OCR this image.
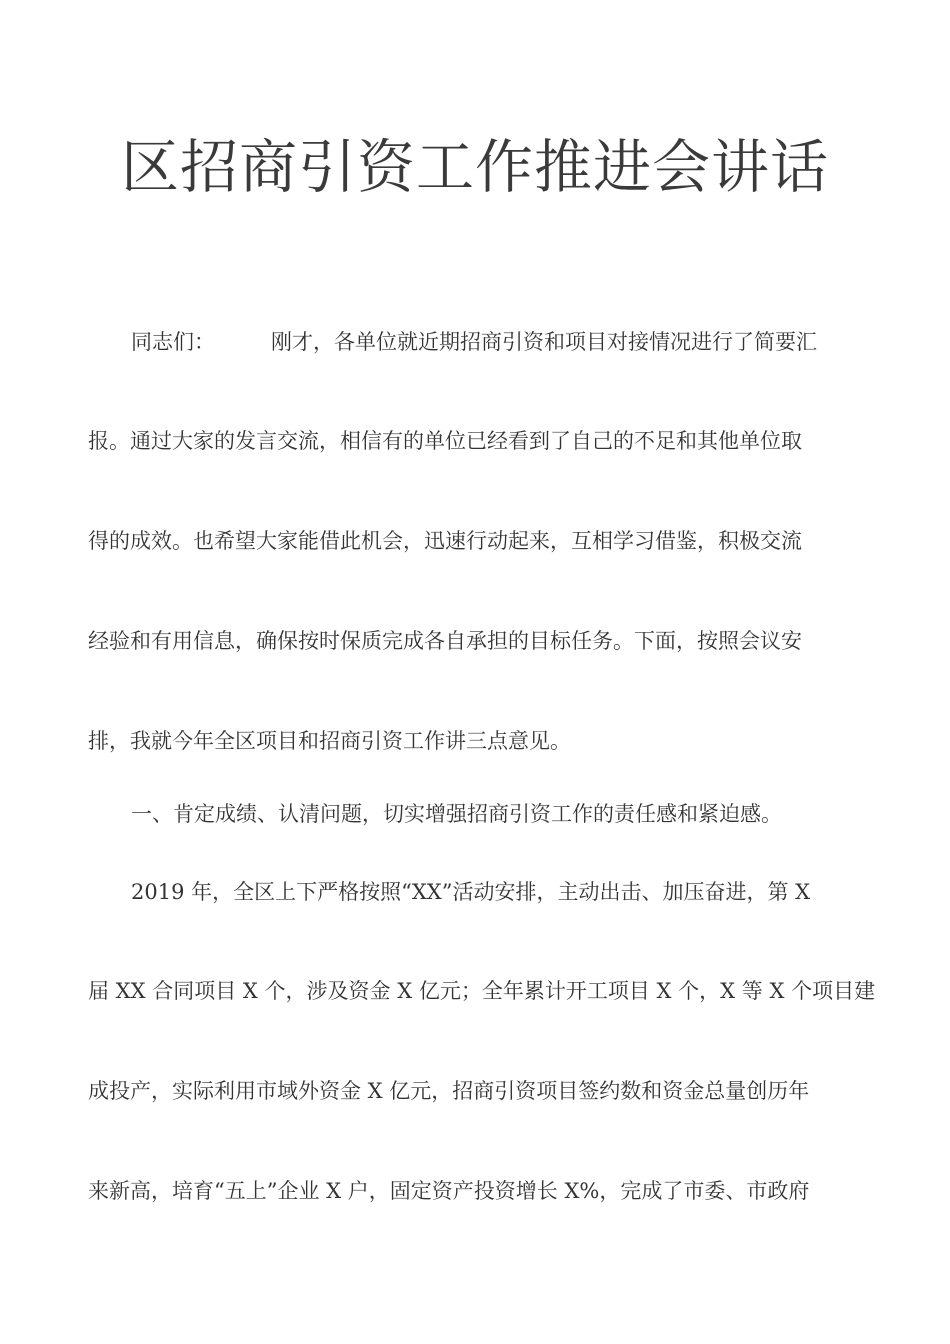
区招商引资工作推进会讲话
同志们：	刚才，各单位就近期招商引资和项目对接情况进行了简要汇
报。通过大家的发言交流，相信有的单位已经看到了自己的不足和其他单位取
得的成效。也希望大家能借此机会，迅速行动起来，互相学习借鉴，积极交流
经验和有用信息，确保按时保质完成各自承担的目标任务。下面，按照会议安
排，我就今年全区项目和招商引资工作讲三点意见。
一、肯定成绩、认清问题，切实增强招商引资工作的责任感和紧迫感。
2019 年，全区上下严格按照“XX”活动安排，主动出击、加压奋进，第 X
届 XX 合同项目 X 个，涉及资金 X 亿元；全年累计开工项目 X 个，X 等 X 个项目建
成投产，实际利用市域外资金 X 亿元，招商引资项目签约数和资金总量创历年
来新高，培育“五上”企业 X 户，固定资产投资增长 X%，完成了市委、市政府
